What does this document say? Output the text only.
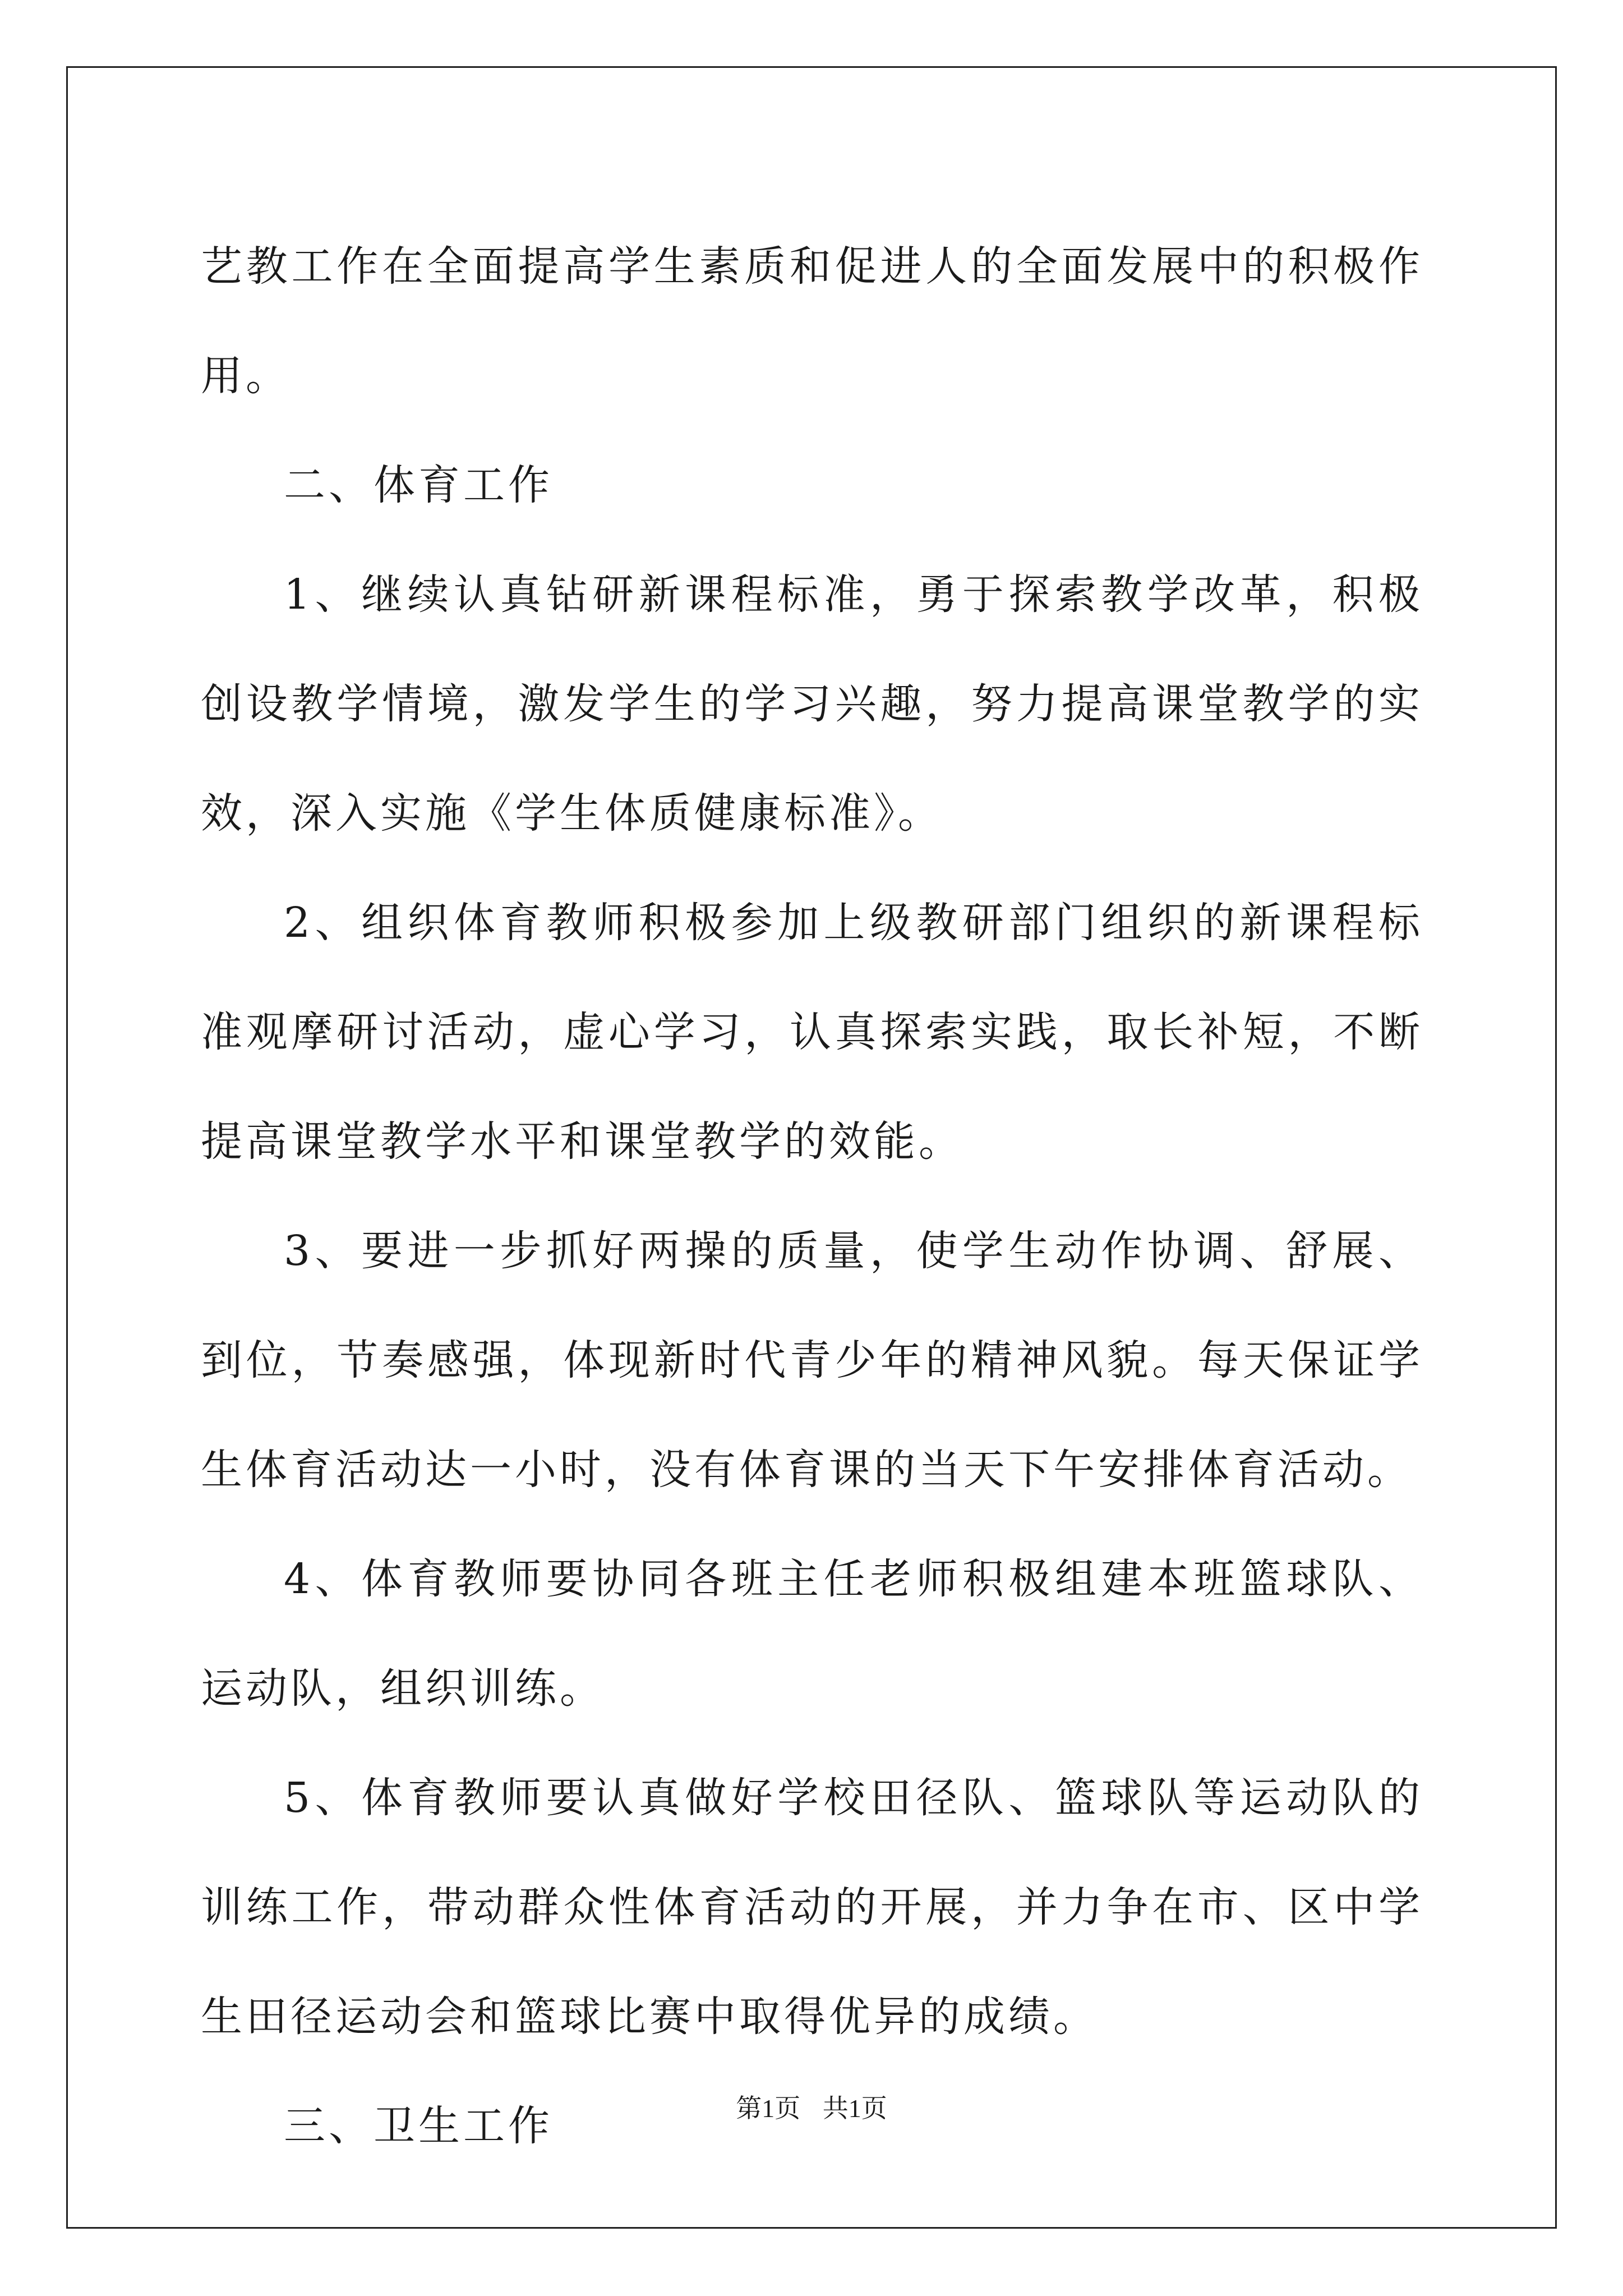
艺教工作在全面提高学生素质和促进人的全面发展中的积极作用。

二、体育工作

1、继续认真钻研新课程标准，勇于探索教学改革，积极创设教学情境，激发学生的学习兴趣，努力提高课堂教学的实效，深入实施《学生体质健康标准》。

2、组织体育教师积极参加上级教研部门组织的新课程标准观摩研讨活动，虚心学习，认真探索实践，取长补短，不断提高课堂教学水平和课堂教学的效能。

3、要进一步抓好两操的质量，使学生动作协调、舒展、到位，节奏感强，体现新时代青少年的精神风貌。每天保证学生体育活动达一小时，没有体育课的当天下午安排体育活动。

4、体育教师要协同各班主任老师积极组建本班篮球队、运动队，组织训练。

5、体育教师要认真做好学校田径队、篮球队等运动队的训练工作，带动群众性体育活动的开展，并力争在市、区中学生田径运动会和篮球比赛中取得优异的成绩。

三、卫生工作	第1页 共1页
